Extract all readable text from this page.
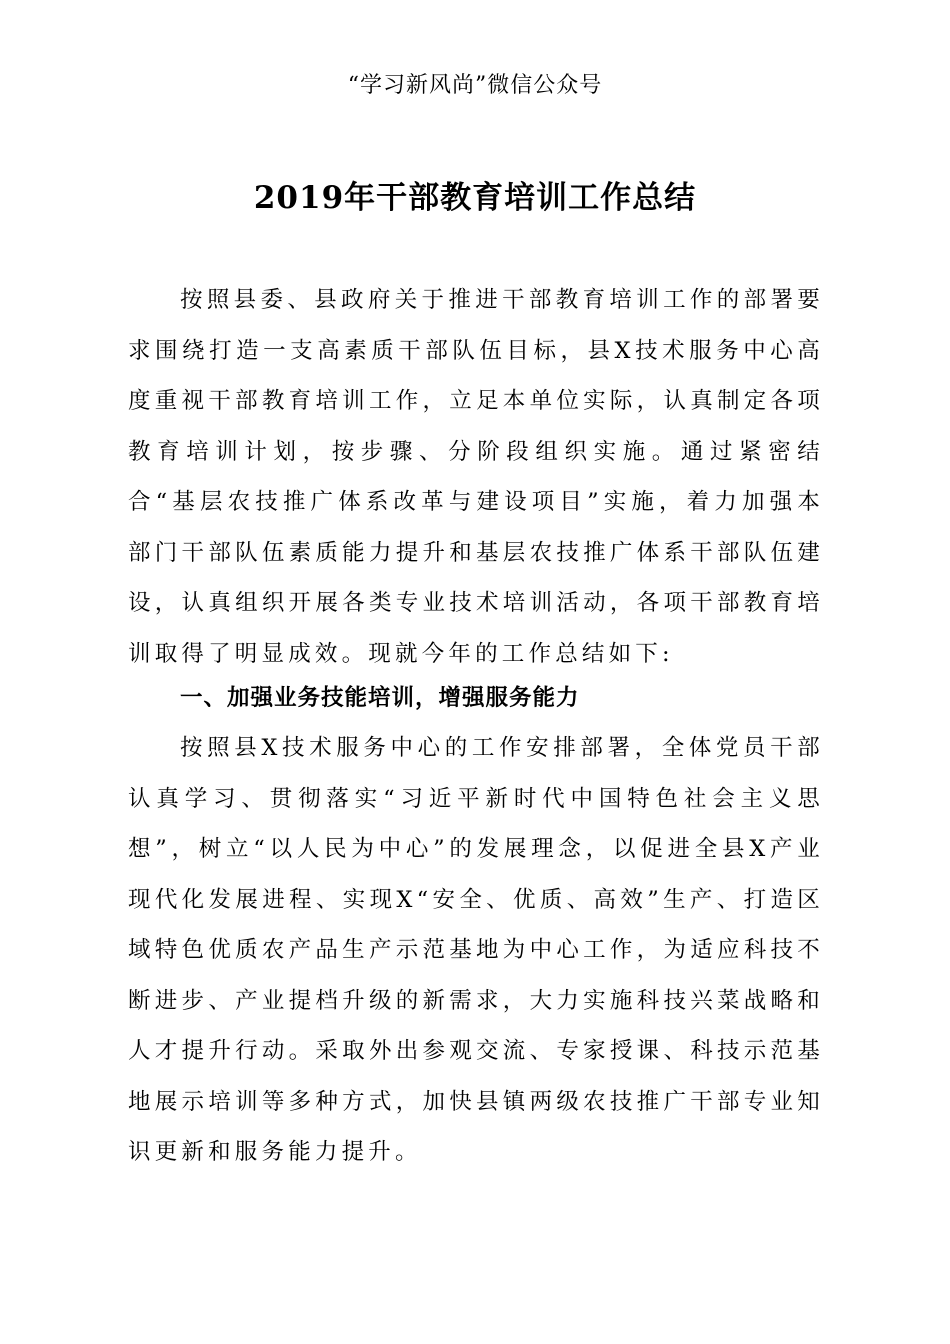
“学习新风尚”微信公众号
2019年干部教育培训工作总结

按照县委、县政府关于推进干部教育培训工作的部署要求围绕打造一支高素质干部队伍目标，县X技术服务中心高度重视干部教育培训工作，立足本单位实际，认真制定各项教育培训计划，按步骤、分阶段组织实施。通过紧密结合“基层农技推广体系改革与建设项目”实施，着力加强本部门干部队伍素质能力提升和基层农技推广体系干部队伍建设，认真组织开展各类专业技术培训活动，各项干部教育培训取得了明显成效。现就今年的工作总结如下:

一、加强业务技能培训，增强服务能力

按照县X技术服务中心的工作安排部署，全体党员干部认真学习、贯彻落实“习近平新时代中国特色社会主义思想”，树立“以人民为中心”的发展理念，以促进全县X产业现代化发展进程、实现X“安全、优质、高效”生产、打造区域特色优质农产品生产示范基地为中心工作，为适应科技不断进步、产业提档升级的新需求，大力实施科技兴菜战略和人才提升行动。采取外出参观交流、专家授课、科技示范基地展示培训等多种方式，加快县镇两级农技推广干部专业知识更新和服务能力提升。
